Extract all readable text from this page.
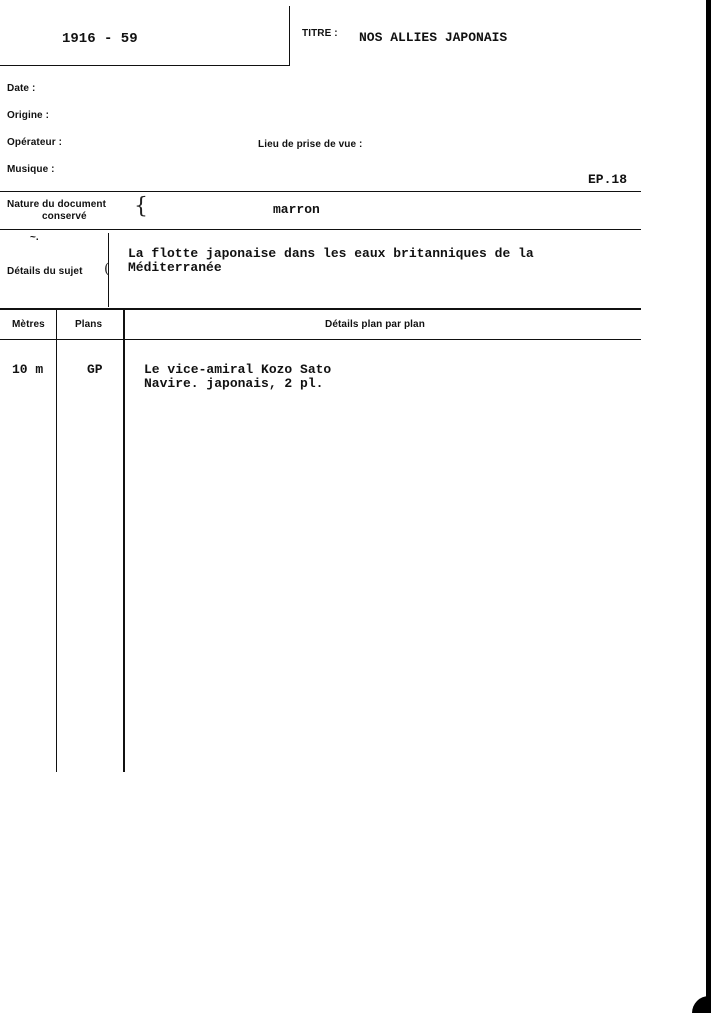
1916 - 59	TITRE : NOS ALLIES JAPONAIS
Date :
Origine :
Opérateur :	Lieu de prise de vue :
Musique :
EP.18
Nature du document
conservé {	marron
~.
Détails du sujet (
La flotte japonaise dans les eaux britanniques de la
Méditerranée
Mètres	Plans	Détails plan par plan
10 m	GP	Le vice-amiral Kozo Sato
Navire. japonais, 2 pl.
